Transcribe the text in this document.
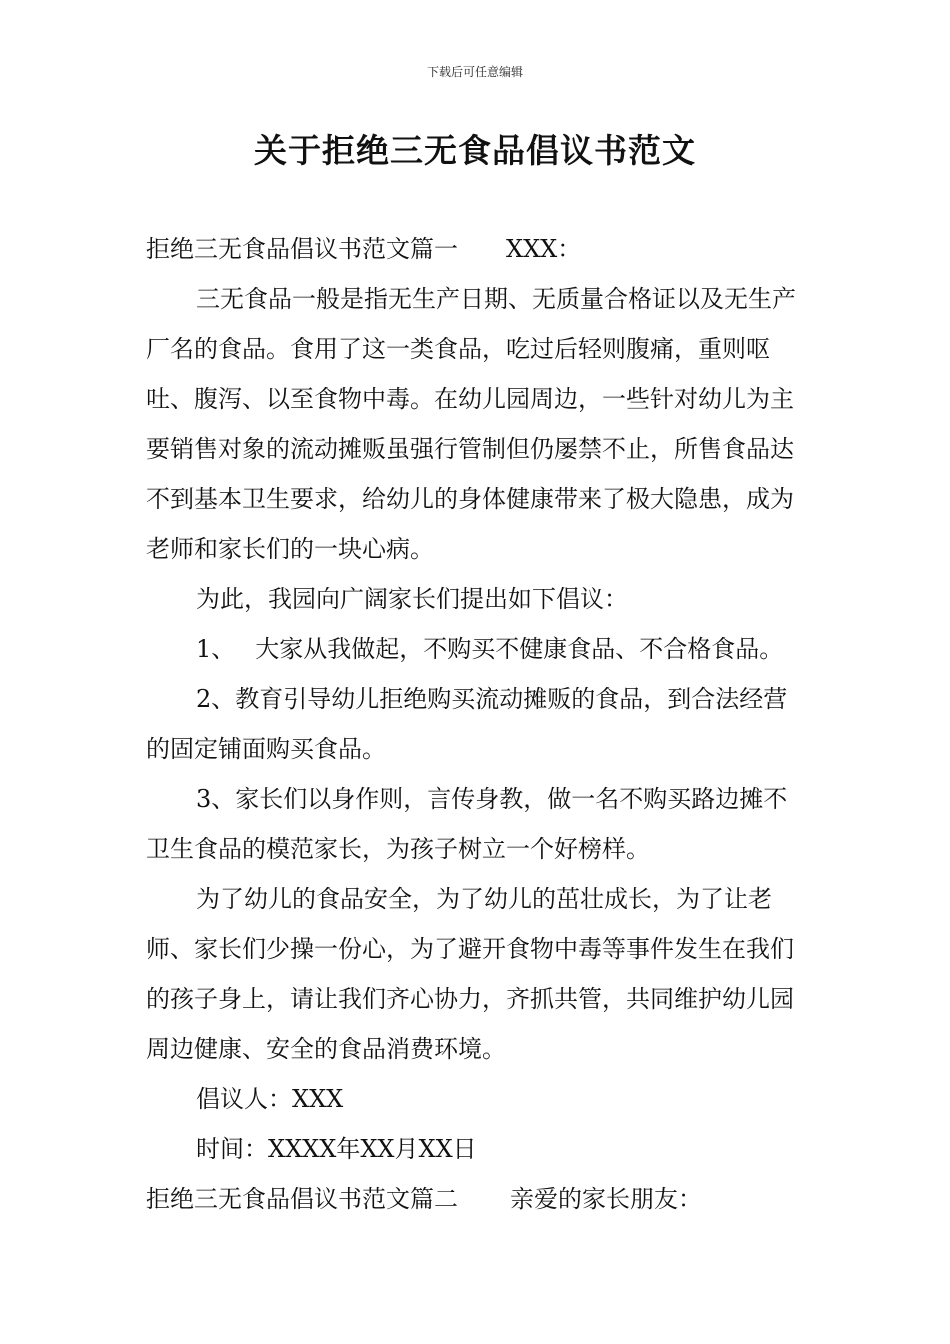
下载后可任意编辑
关于拒绝三无食品倡议书范文

拒绝三无食品倡议书范文篇一 XXX：

三无食品一般是指无生产日期、无质量合格证以及无生产厂名的食品。食用了这一类食品，吃过后轻则腹痛，重则呕吐、腹泻、以至食物中毒。在幼儿园周边，一些针对幼儿为主要销售对象的流动摊贩虽强行管制但仍屡禁不止，所售食品达不到基本卫生要求，给幼儿的身体健康带来了极大隐患，成为老师和家长们的一块心病。

为此，我园向广阔家长们提出如下倡议：

1、 大家从我做起，不购买不健康食品、不合格食品。

2、教育引导幼儿拒绝购买流动摊贩的食品，到合法经营的固定铺面购买食品。

3、家长们以身作则，言传身教，做一名不购买路边摊不卫生食品的模范家长，为孩子树立一个好榜样。

为了幼儿的食品安全，为了幼儿的茁壮成长，为了让老师、家长们少操一份心，为了避开食物中毒等事件发生在我们的孩子身上，请让我们齐心协力，齐抓共管，共同维护幼儿园周边健康、安全的食品消费环境。

倡议人：XXX

时间：XXXX年XX月XX日

拒绝三无食品倡议书范文篇二 亲爱的家长朋友：
